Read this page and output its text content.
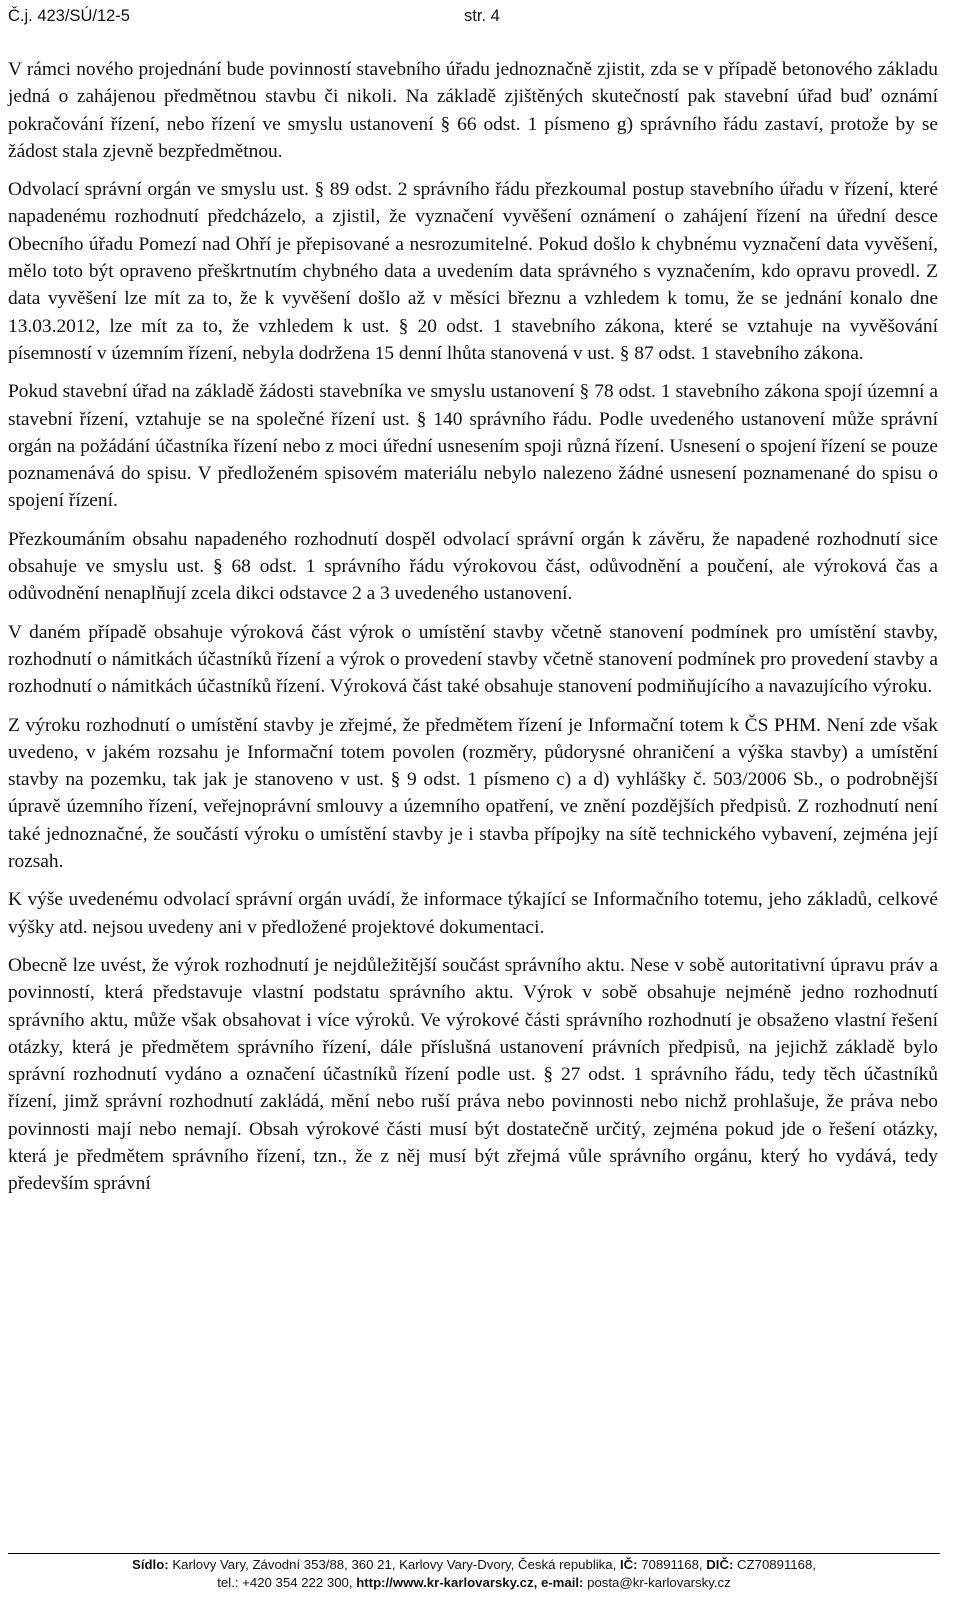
Č.j. 423/SÚ/12-5	str. 4

V rámci nového projednání bude povinností stavebního úřadu jednoznačně zjistit, zda se v případě betonového základu jedná o zahájenou předmětnou stavbu či nikoli. Na základě zjištěných skutečností pak stavební úřad buď oznámí pokračování řízení, nebo řízení ve smyslu ustanovení § 66 odst. 1 písmeno g) správního řádu zastaví, protože by se žádost stala zjevně bezpředmětnou.

Odvolací správní orgán ve smyslu ust. § 89 odst. 2 správního řádu přezkoumal postup stavebního úřadu v řízení, které napadenému rozhodnutí předcházelo, a zjistil, že vyznačení vyvěšení oznámení o zahájení řízení na úřední desce Obecního úřadu Pomezí nad Ohří je přepisované a nesrozumitelné. Pokud došlo k chybnému vyznačení data vyvěšení, mělo toto být opraveno přeškrtnutím chybného data a uvedením data správného s vyznačením, kdo opravu provedl. Z data vyvěšení lze mít za to, že k vyvěšení došlo až v měsíci březnu a vzhledem k tomu, že se jednání konalo dne 13.03.2012, lze mít za to, že vzhledem k ust. § 20 odst. 1 stavebního zákona, které se vztahuje na vyvěšování písemností v územním řízení, nebyla dodržena 15 denní lhůta stanovená v ust. § 87 odst. 1 stavebního zákona.

Pokud stavební úřad na základě žádosti stavebníka ve smyslu ustanovení § 78 odst. 1 stavebního zákona spojí územní a stavební řízení, vztahuje se na společné řízení ust. § 140 správního řádu. Podle uvedeného ustanovení může správní orgán na požádání účastníka řízení nebo z moci úřední usnesením spoji různá řízení. Usnesení o spojení řízení se pouze poznamenává do spisu. V předloženém spisovém materiálu nebylo nalezeno žádné usnesení poznamenané do spisu o spojení řízení.

Přezkoumáním obsahu napadeného rozhodnutí dospěl odvolací správní orgán k závěru, že napadené rozhodnutí sice obsahuje ve smyslu ust. § 68 odst. 1 správního řádu výrokovou část, odůvodnění a poučení, ale výroková čas a odůvodnění nenaplňují zcela dikci odstavce 2 a 3 uvedeného ustanovení.

V daném případě obsahuje výroková část výrok o umístění stavby včetně stanovení podmínek pro umístění stavby, rozhodnutí o námitkách účastníků řízení a výrok o provedení stavby včetně stanovení podmínek pro provedení stavby a rozhodnutí o námitkách účastníků řízení. Výroková část také obsahuje stanovení podmiňujícího a navazujícího výroku.

Z výroku rozhodnutí o umístění stavby je zřejmé, že předmětem řízení je Informační totem k ČS PHM. Není zde však uvedeno, v jakém rozsahu je Informační totem povolen (rozměry, půdorysné ohraničení a výška stavby) a umístění stavby na pozemku, tak jak je stanoveno v ust. § 9 odst. 1 písmeno c) a d) vyhlášky č. 503/2006 Sb., o podrobnější úpravě územního řízení, veřejnoprávní smlouvy a územního opatření, ve znění pozdějších předpisů. Z rozhodnutí není také jednoznačné, že součástí výroku o umístění stavby je i stavba přípojky na sítě technického vybavení, zejména její rozsah.

K výše uvedenému odvolací správní orgán uvádí, že informace týkající se Informačního totemu, jeho základů, celkové výšky atd. nejsou uvedeny ani v předložené projektové dokumentaci.

Obecně lze uvést, že výrok rozhodnutí je nejdůležitější součást správního aktu. Nese v sobě autoritativní úpravu práv a povinností, která představuje vlastní podstatu správního aktu. Výrok v sobě obsahuje nejméně jedno rozhodnutí správního aktu, může však obsahovat i více výroků. Ve výrokové části správního rozhodnutí je obsaženo vlastní řešení otázky, která je předmětem správního řízení, dále příslušná ustanovení právních předpisů, na jejichž základě bylo správní rozhodnutí vydáno a označení účastníků řízení podle ust. § 27 odst. 1 správního řádu, tedy těch účastníků řízení, jimž správní rozhodnutí zakládá, mění nebo ruší práva nebo povinnosti nebo nichž prohlašuje, že práva nebo povinnosti mají nebo nemají. Obsah výrokové části musí být dostatečně určitý, zejména pokud jde o řešení otázky, která je předmětem správního řízení, tzn., že z něj musí být zřejmá vůle správního orgánu, který ho vydává, tedy především správní

Sídlo: Karlovy Vary, Závodní 353/88, 360 21, Karlovy Vary-Dvory, Česká republika, IČ: 70891168, DIČ: CZ70891168,
tel.: +420 354 222 300, http://www.kr-karlovarsky.cz, e-mail: posta@kr-karlovarsky.cz
